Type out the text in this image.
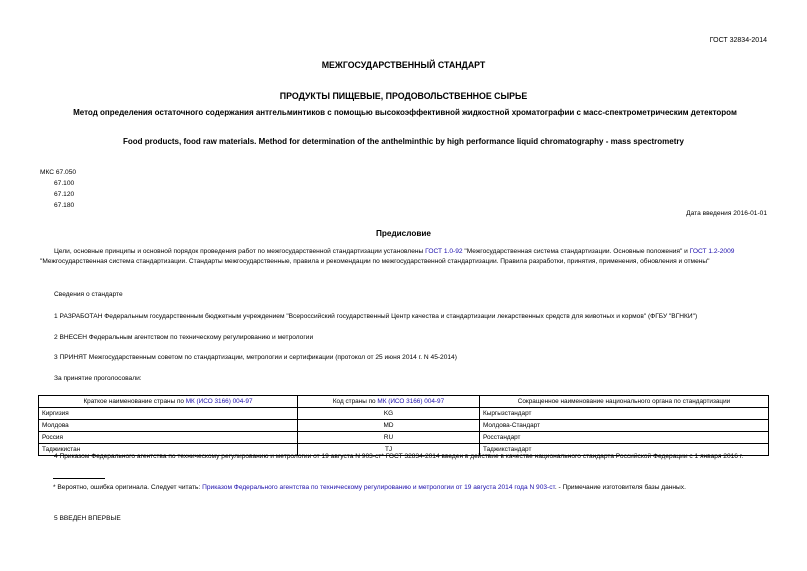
ГОСТ 32834-2014
МЕЖГОСУДАРСТВЕННЫЙ СТАНДАРТ
ПРОДУКТЫ ПИЩЕВЫЕ, ПРОДОВОЛЬСТВЕННОЕ СЫРЬЕ
Метод определения остаточного содержания антгельминтиков с помощью высокоэффективной жидкостной хроматографии с масс-спектрометрическим детектором
Food products, food raw materials. Method for determination of the anthelminthic by high performance liquid chromatography - mass spectrometry
МКС 67.050
67.100
67.120
67.180
Дата введения 2016-01-01
Предисловие
Цели, основные принципы и основной порядок проведения работ по межгосударственной стандартизации установлены ГОСТ 1.0-92 "Межгосударственная система стандартизации. Основные положения" и ГОСТ 1.2-2009 "Межгосударственная система стандартизации. Стандарты межгосударственные, правила и рекомендации по межгосударственной стандартизации. Правила разработки, принятия, применения, обновления и отмены"
Сведения о стандарте
1 РАЗРАБОТАН Федеральным государственным бюджетным учреждением "Всероссийский государственный Центр качества и стандартизации лекарственных средств для животных и кормов" (ФГБУ "ВГНКИ")
2 ВНЕСЕН Федеральным агентством по техническому регулированию и метрологии
3 ПРИНЯТ Межгосударственным советом по стандартизации, метрологии и сертификации (протокол от 25 июня 2014 г. N 45-2014)
За принятие проголосовали:
Краткое наименование страны по МК (ИСО 3166) 004-97	Код страны по МК (ИСО 3166) 004-97	Сокращенное наименование национального органа по стандартизации
Киргизия	KG	Кыргызстандарт
Молдова	MD	Молдова-Стандарт
Россия	RU	Росстандарт
Таджикистан	TJ	Таджикстандарт
4 Приказом Федерального агентства по техническому регулированию и метрологии от 19 августа N 903-ст* ГОСТ 32834-2014 введен в действие в качестве национального стандарта Российской Федерации с 1 января 2016 г.
* Вероятно, ошибка оригинала. Следует читать: Приказом Федерального агентства по техническому регулированию и метрологии от 19 августа 2014 года N 903-ст. - Примечание изготовителя базы данных.
5 ВВЕДЕН ВПЕРВЫЕ
